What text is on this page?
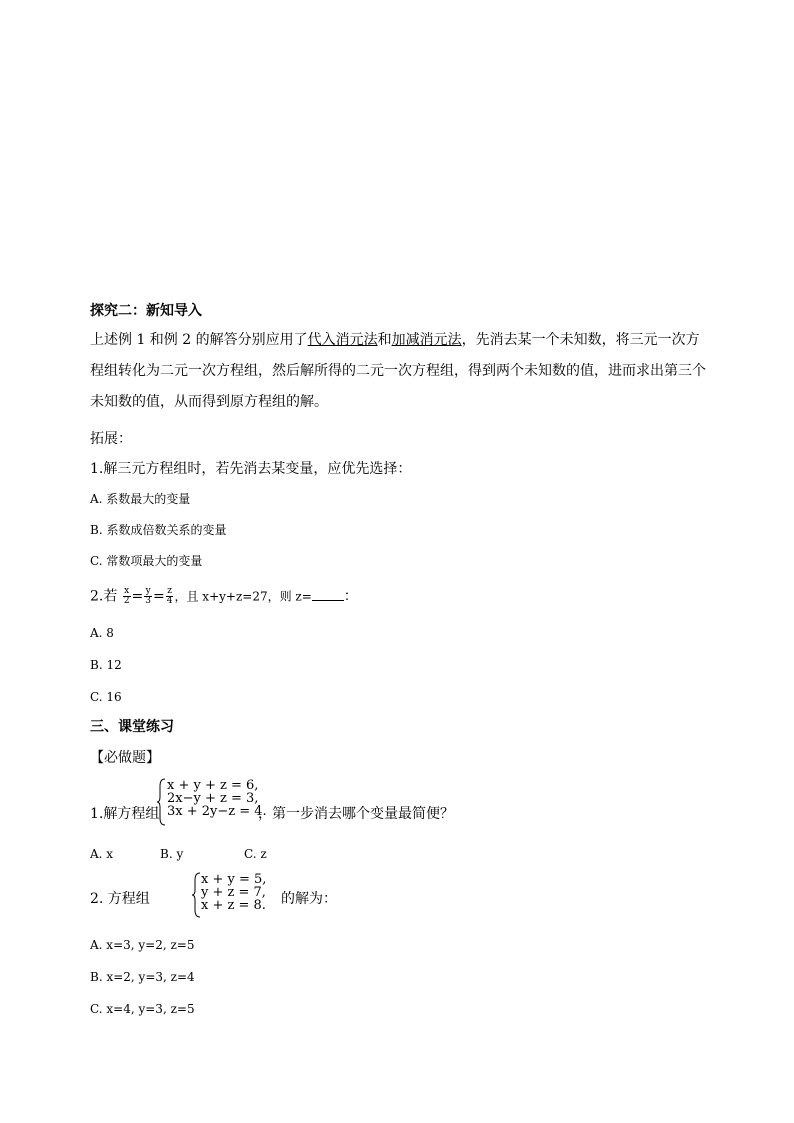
探究二：新知导入
上述例 1 和例 2 的解答分别应用了代入消元法和加减消元法，先消去某一个未知数，将三元一次方程组转化为二元一次方程组，然后解所得的二元一次方程组，得到两个未知数的值，进而求出第三个未知数的值，从而得到原方程组的解。
拓展：
1.解三元方程组时，若先消去某变量，应优先选择：
A. 系数最大的变量
B. 系数成倍数关系的变量
C. 常数项最大的变量
2.若 $\frac{x}{2} = \frac{y}{3} = \frac{z}{4}$ ，且 x+y+z=27，则 z= ：
A. 8
B. 12
C. 16
三、课堂练习
【必做题】
1.解方程组
x + y + z = 6,
2x−y + z = 3,
3x + 2y−z = 4.
，第一步消去哪个变量最简便？
A. x	B. y	C. z
2. 方程组
x + y = 5,
y + z = 7,
x + z = 8. 的解为：
A. x=3, y=2, z=5
B. x=2, y=3, z=4
C. x=4, y=3, z=5
